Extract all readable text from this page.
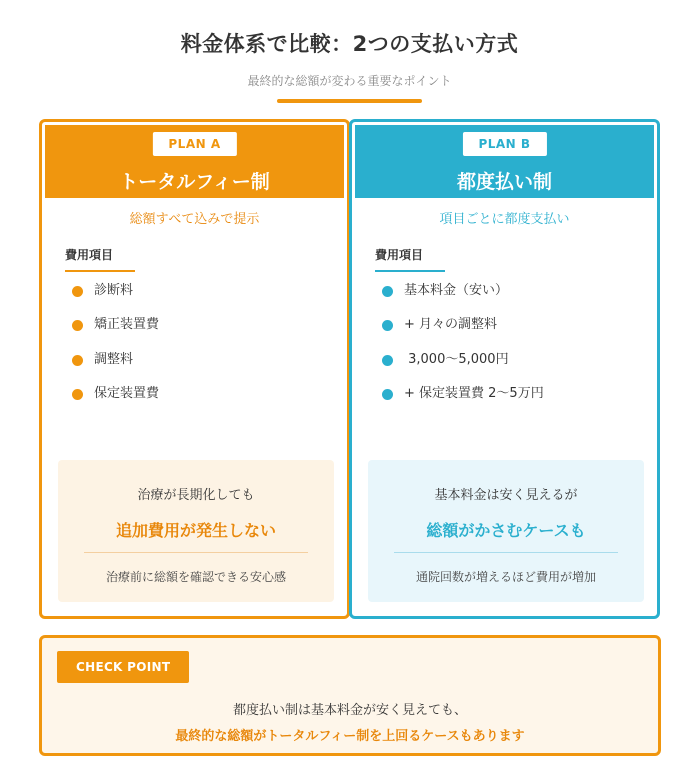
料金体系で比較：2つの支払い方式
最終的な総額が変わる重要なポイント
PLAN A
トータルフィー制
総額すべて込みで提示
費用項目
診断料
矯正装置費
調整料
保定装置費
治療が長期化しても
追加費用が発生しない
治療前に総額を確認できる安心感
PLAN B
都度払い制
項目ごとに都度支払い
費用項目
基本料金（安い）
+ 月々の調整料
3,000〜5,000円
+ 保定装置費 2〜5万円
基本料金は安く見えるが
総額がかさむケースも
通院回数が増えるほど費用が増加
CHECK POINT
都度払い制は基本料金が安く見えても、
最終的な総額がトータルフィー制を上回るケースもあります
